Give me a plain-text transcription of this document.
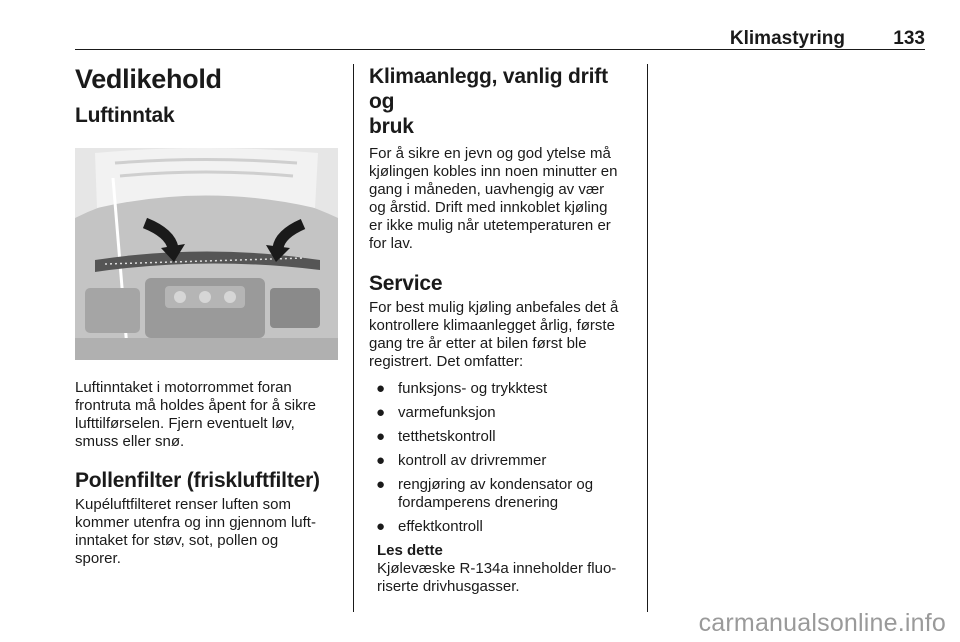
Klimastyring	133
Vedlikehold
Luftinntak
Luftinntaket i motorrommet foran
frontruta må holdes åpent for å sikre
lufttilførselen. Fjern eventuelt løv,
smuss eller snø.
Pollenfilter (friskluftfilter)
Kupéluftfilteret renser luften som
kommer utenfra og inn gjennom luft-
inntaket for støv, sot, pollen og
sporer.
Klimaanlegg, vanlig drift og
bruk
For å sikre en jevn og god ytelse må
kjølingen kobles inn noen minutter en
gang i måneden, uavhengig av vær
og årstid. Drift med innkoblet kjøling
er ikke mulig når utetemperaturen er
for lav.
Service
For best mulig kjøling anbefales det å
kontrollere klimaanlegget årlig, første
gang tre år etter at bilen først ble
registrert. Det omfatter:
● funksjons- og trykktest
● varmefunksjon
● tetthetskontroll
● kontroll av drivremmer
● rengjøring av kondensator og
fordamperens drenering
● effektkontroll
Les dette
Kjølevæske R-134a inneholder fluo-
riserte drivhusgasser.
carmanualsonline.info
